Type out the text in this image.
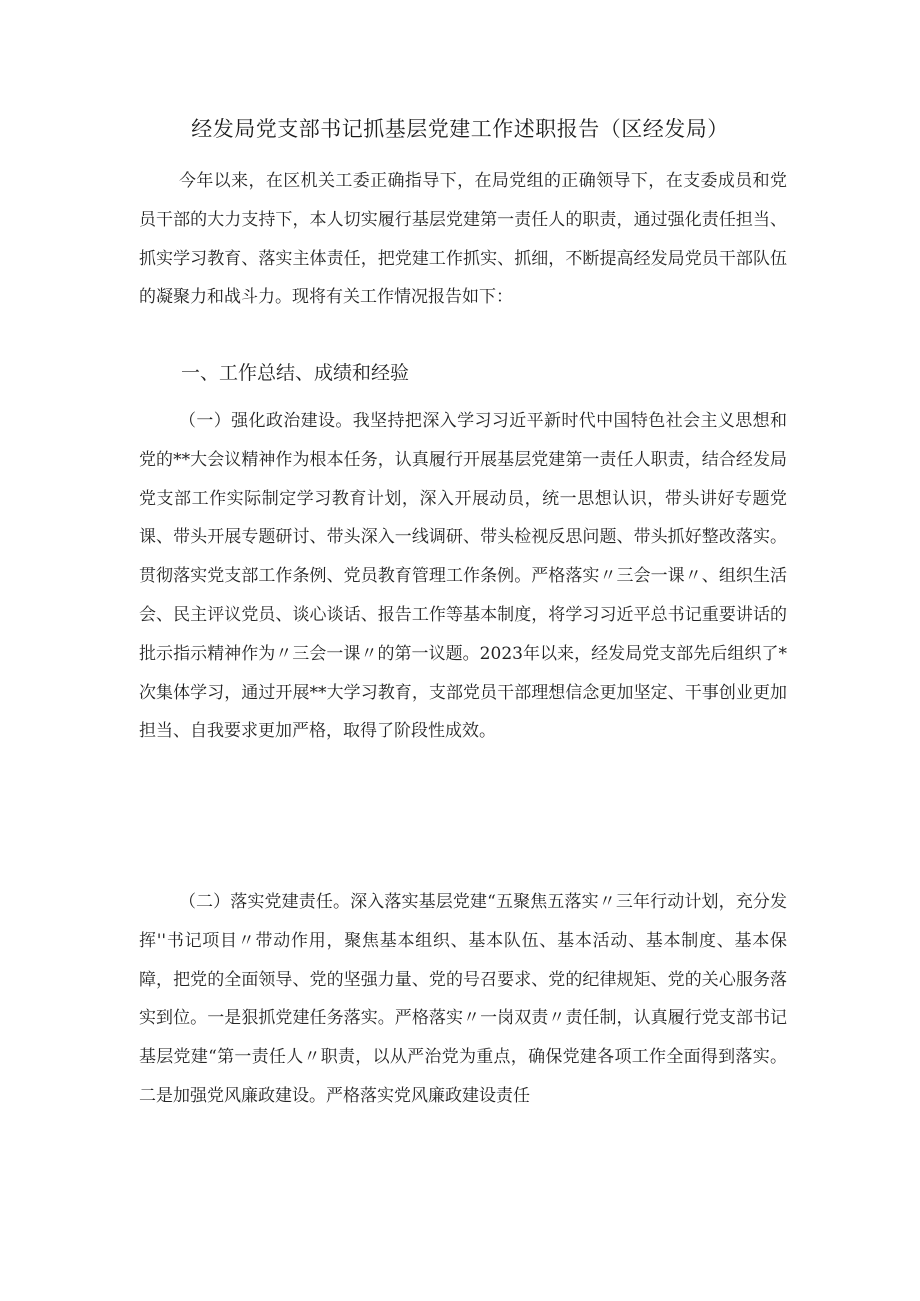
经发局党支部书记抓基层党建工作述职报告（区经发局）

今年以来，在区机关工委正确指导下，在局党组的正确领导下，在支委成员和党员干部的大力支持下，本人切实履行基层党建第一责任人的职责，通过强化责任担当、抓实学习教育、落实主体责任，把党建工作抓实、抓细，不断提高经发局党员干部队伍的凝聚力和战斗力。现将有关工作情况报告如下：

一、工作总结、成绩和经验

（一）强化政治建设。我坚持把深入学习习近平新时代中国特色社会主义思想和党的**大会议精神作为根本任务，认真履行开展基层党建第一责任人职责，结合经发局党支部工作实际制定学习教育计划，深入开展动员，统一思想认识，带头讲好专题党课、带头开展专题研讨、带头深入一线调研、带头检视反思问题、带头抓好整改落实。贯彻落实党支部工作条例、党员教育管理工作条例。严格落实〃三会一课〃、组织生活会、民主评议党员、谈心谈话、报告工作等基本制度，将学习习近平总书记重要讲话的批示指示精神作为〃三会一课〃的第一议题。2023年以来，经发局党支部先后组织了*次集体学习，通过开展**大学习教育，支部党员干部理想信念更加坚定、干事创业更加担当、自我要求更加严格，取得了阶段性成效。

（二）落实党建责任。深入落实基层党建“五聚焦五落实〃三年行动计划，充分发挥''书记项目〃带动作用，聚焦基本组织、基本队伍、基本活动、基本制度、基本保障，把党的全面领导、党的坚强力量、党的号召要求、党的纪律规矩、党的关心服务落实到位。一是狠抓党建任务落实。严格落实〃一岗双责〃责任制，认真履行党支部书记基层党建“第一责任人〃职责，以从严治党为重点，确保党建各项工作全面得到落实。二是加强党风廉政建设。严格落实党风廉政建设责任
